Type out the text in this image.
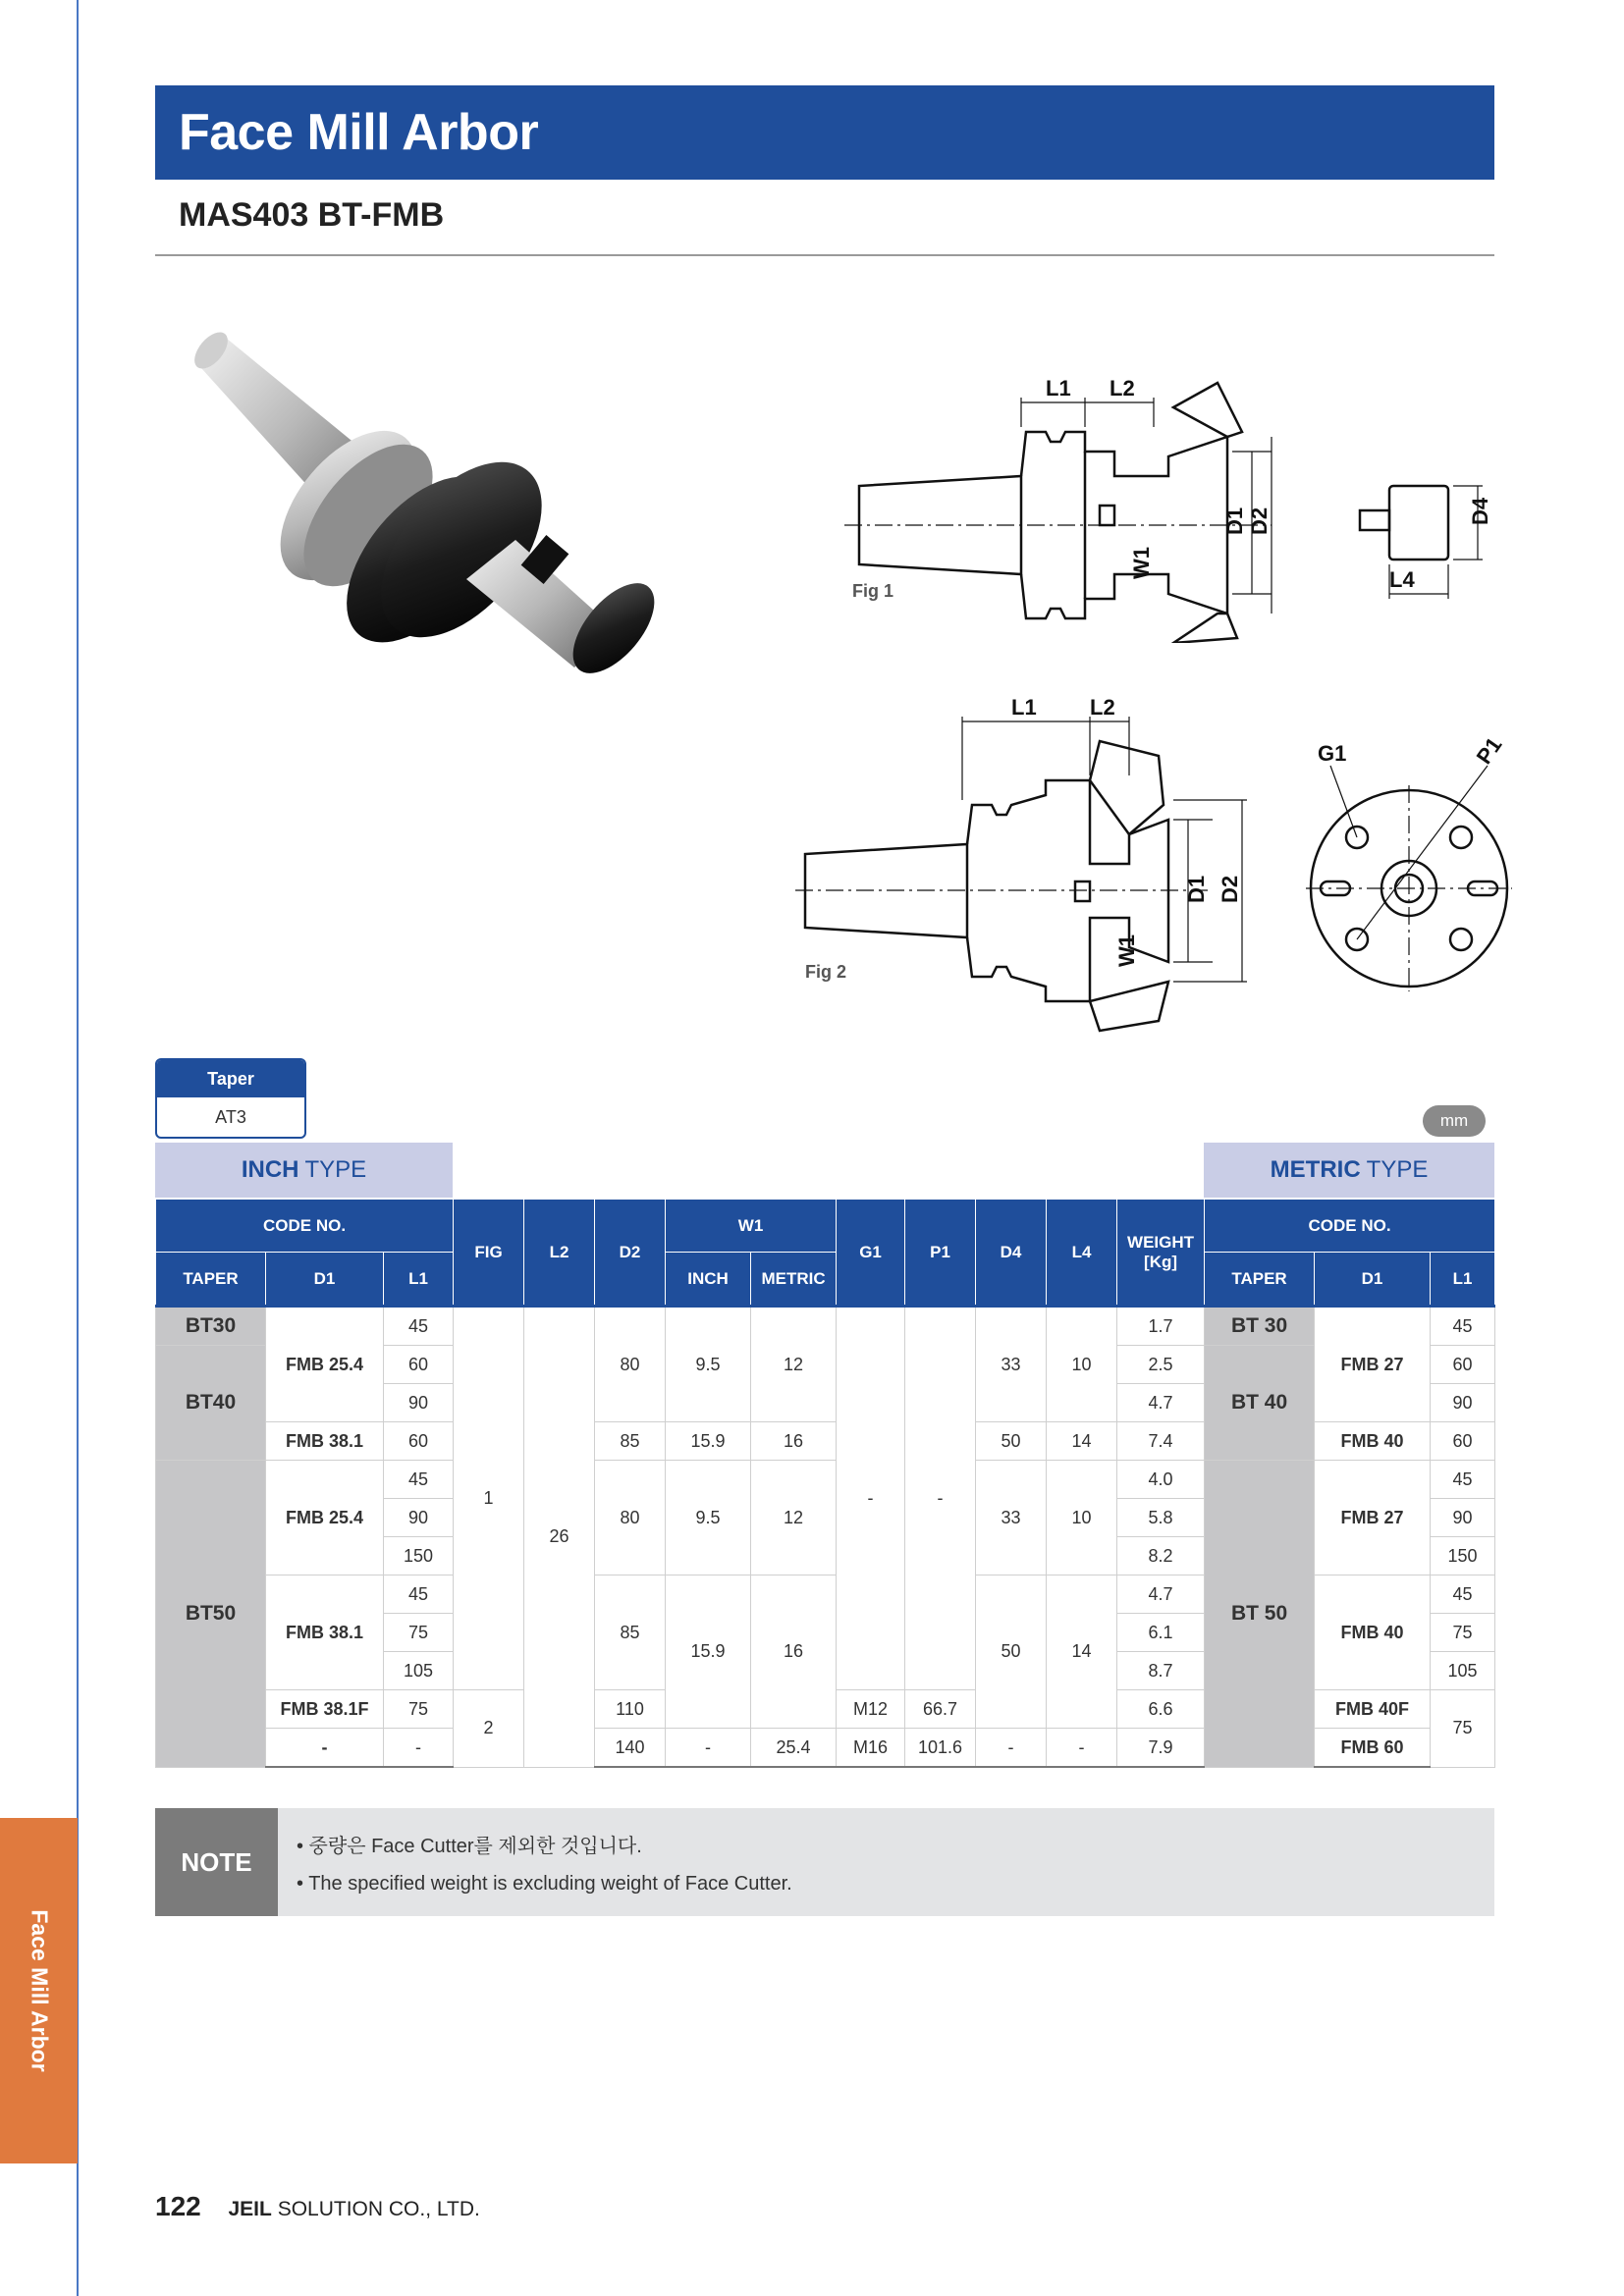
Face Mill Arbor
Face Mill Arbor
MAS403 BT-FMB
L1 L2
D1 D2
W1
Fig 1
D4
L4
L1 L2
D1 D2
W1
Fig 2
G1	P1
Taper
AT3	mm
INCH TYPE	METRIC TYPE
CODE NO.			FIG	L2	D2	W1		G1	P1	D4	L4	WEIGHT
[Kg]	CODE NO.		
TAPER	D1	L1				INCH	METRIC						TAPER	D1	L1
BT30	FMB 25.4	45	1	26	80	9.5	12	-	-	33	10	1.7	BT 30	FMB 27	45
BT40		60										2.5	BT 40		60
		90										4.7			90
	FMB 38.1	60			85	15.9	16			50	14	7.4		FMB 40	60
BT50	FMB 25.4	45			80	9.5	12			33	10	4.0	BT 50	FMB 27	45
		90										5.8			90
		150										8.2			150
	FMB 38.1	45			85	15.9	16			50	14	4.7		FMB 40	45
		75										6.1			75
		105										8.7			105
	FMB 38.1F	75	2		110			M12	66.7			6.6		FMB 40F	75
	-	-			140	-	25.4	M16	101.6	-	-	7.9		FMB 60	
NOTE
• 중량은 Face Cutter를 제외한 것입니다.
• The specified weight is excluding weight of Face Cutter.
122 JEIL SOLUTION CO., LTD.
